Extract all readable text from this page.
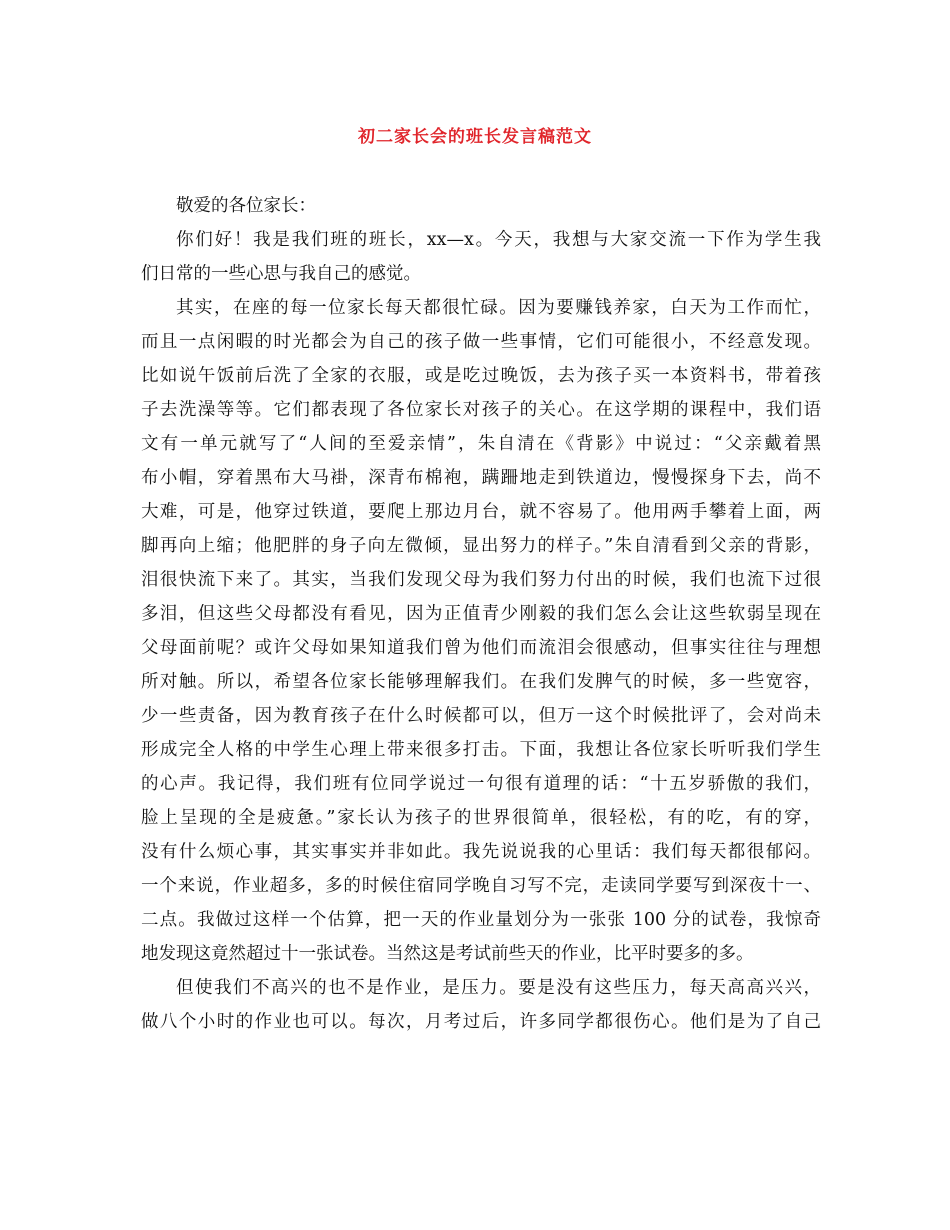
初二家长会的班长发言稿范文
敬爱的各位家长：
你们好！我是我们班的班长，xx—x。今天，我想与大家交流一下作为学生我
们日常的一些心思与我自己的感觉。
其实，在座的每一位家长每天都很忙碌。因为要赚钱养家，白天为工作而忙，
而且一点闲暇的时光都会为自己的孩子做一些事情，它们可能很小，不经意发现。
比如说午饭前后洗了全家的衣服，或是吃过晚饭，去为孩子买一本资料书，带着孩
子去洗澡等等。它们都表现了各位家长对孩子的关心。在这学期的课程中，我们语
文有一单元就写了“人间的至爱亲情”，朱自清在《背影》中说过：“父亲戴着黑
布小帽，穿着黑布大马褂，深青布棉袍，蹒跚地走到铁道边，慢慢探身下去，尚不
大难，可是，他穿过铁道，要爬上那边月台，就不容易了。他用两手攀着上面，两
脚再向上缩；他肥胖的身子向左微倾，显出努力的样子。”朱自清看到父亲的背影，
泪很快流下来了。其实，当我们发现父母为我们努力付出的时候，我们也流下过很
多泪，但这些父母都没有看见，因为正值青少刚毅的我们怎么会让这些软弱呈现在
父母面前呢？或许父母如果知道我们曾为他们而流泪会很感动，但事实往往与理想
所对触。所以，希望各位家长能够理解我们。在我们发脾气的时候，多一些宽容，
少一些责备，因为教育孩子在什么时候都可以，但万一这个时候批评了，会对尚未
形成完全人格的中学生心理上带来很多打击。下面，我想让各位家长听听我们学生
的心声。我记得，我们班有位同学说过一句很有道理的话：“十五岁骄傲的我们，
脸上呈现的全是疲惫。”家长认为孩子的世界很简单，很轻松，有的吃，有的穿，
没有什么烦心事，其实事实并非如此。我先说说我的心里话：我们每天都很郁闷。
一个来说，作业超多，多的时候住宿同学晚自习写不完，走读同学要写到深夜十一、
二点。我做过这样一个估算，把一天的作业量划分为一张张 100 分的试卷，我惊奇
地发现这竟然超过十一张试卷。当然这是考试前些天的作业，比平时要多的多。
但使我们不高兴的也不是作业，是压力。要是没有这些压力，每天高高兴兴，
做八个小时的作业也可以。每次，月考过后，许多同学都很伤心。他们是为了自己
